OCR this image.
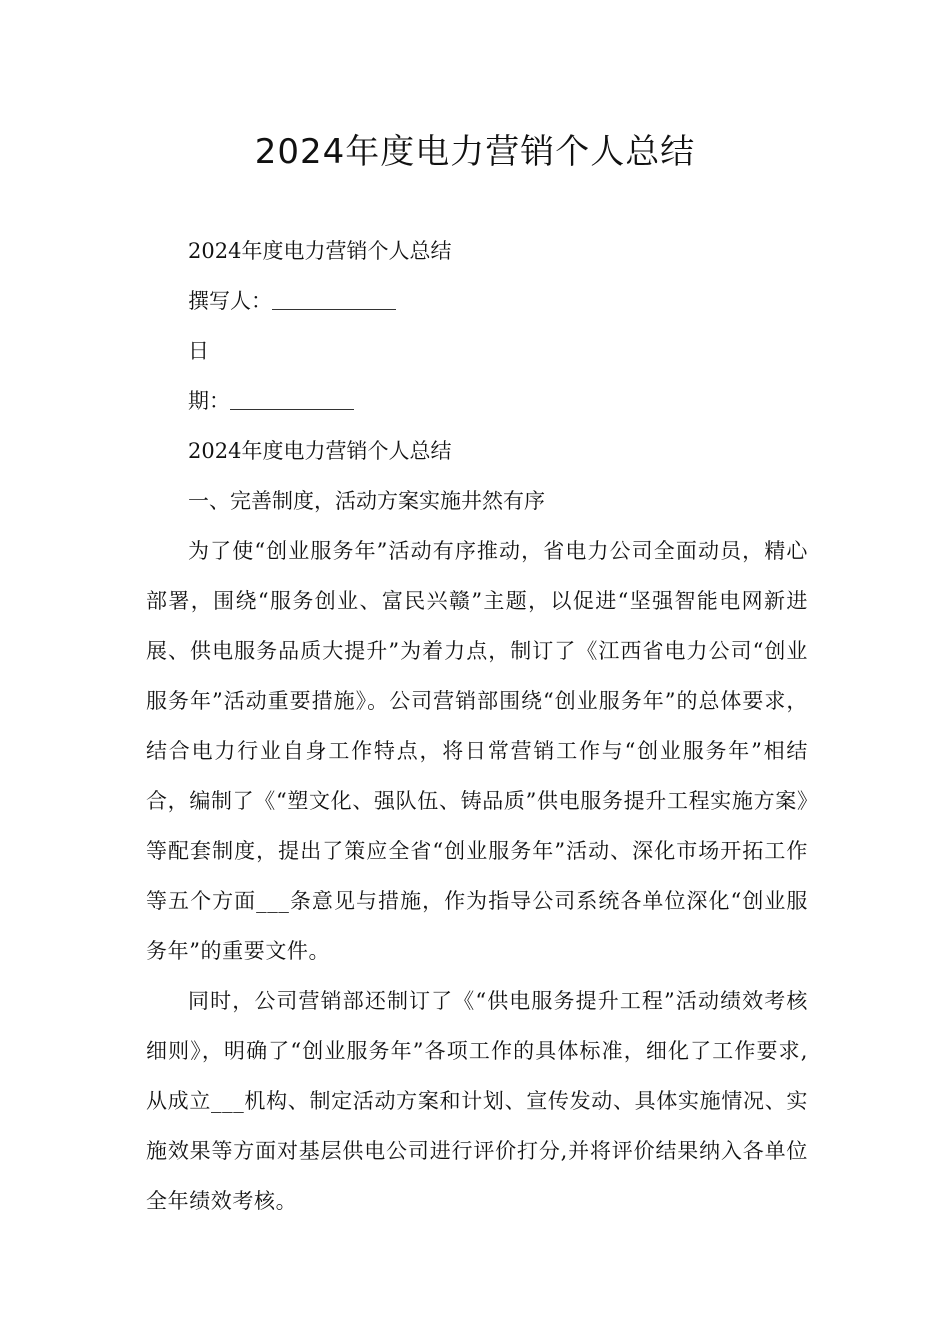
2024年度电力营销个人总结

2024年度电力营销个人总结

撰写人：

日

期：

2024年度电力营销个人总结

一、完善制度，活动方案实施井然有序

为了使“创业服务年”活动有序推动，省电力公司全面动员，精心部署，围绕“服务创业、富民兴赣”主题，以促进“坚强智能电网新进展、供电服务品质大提升”为着力点，制订了《江西省电力公司“创业服务年”活动重要措施》。公司营销部围绕“创业服务年”的总体要求，结合电力行业自身工作特点，将日常营销工作与“创业服务年”相结合，编制了《“塑文化、强队伍、铸品质”供电服务提升工程实施方案》等配套制度，提出了策应全省“创业服务年”活动、深化市场开拓工作等五个方面___条意见与措施，作为指导公司系统各单位深化“创业服务年”的重要文件。

同时，公司营销部还制订了《“供电服务提升工程”活动绩效考核细则》，明确了“创业服务年”各项工作的具体标准，细化了工作要求,从成立___机构、制定活动方案和计划、宣传发动、具体实施情况、实施效果等方面对基层供电公司进行评价打分,并将评价结果纳入各单位全年绩效考核。
